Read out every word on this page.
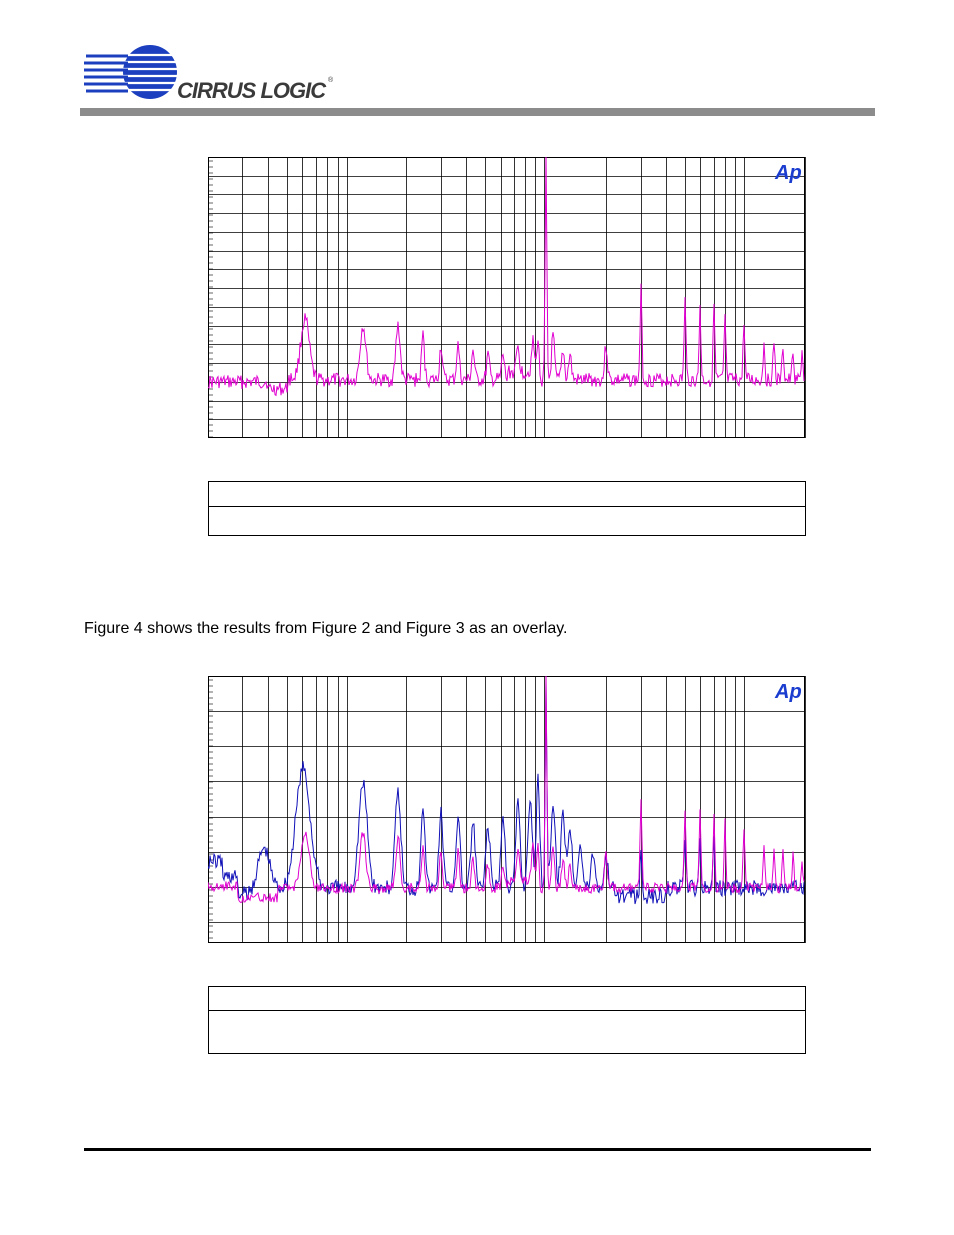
CIRRUS LOGIC ®
Ap
Figure 4 shows the results from Figure 2 and Figure 3 as an overlay.
Ap
